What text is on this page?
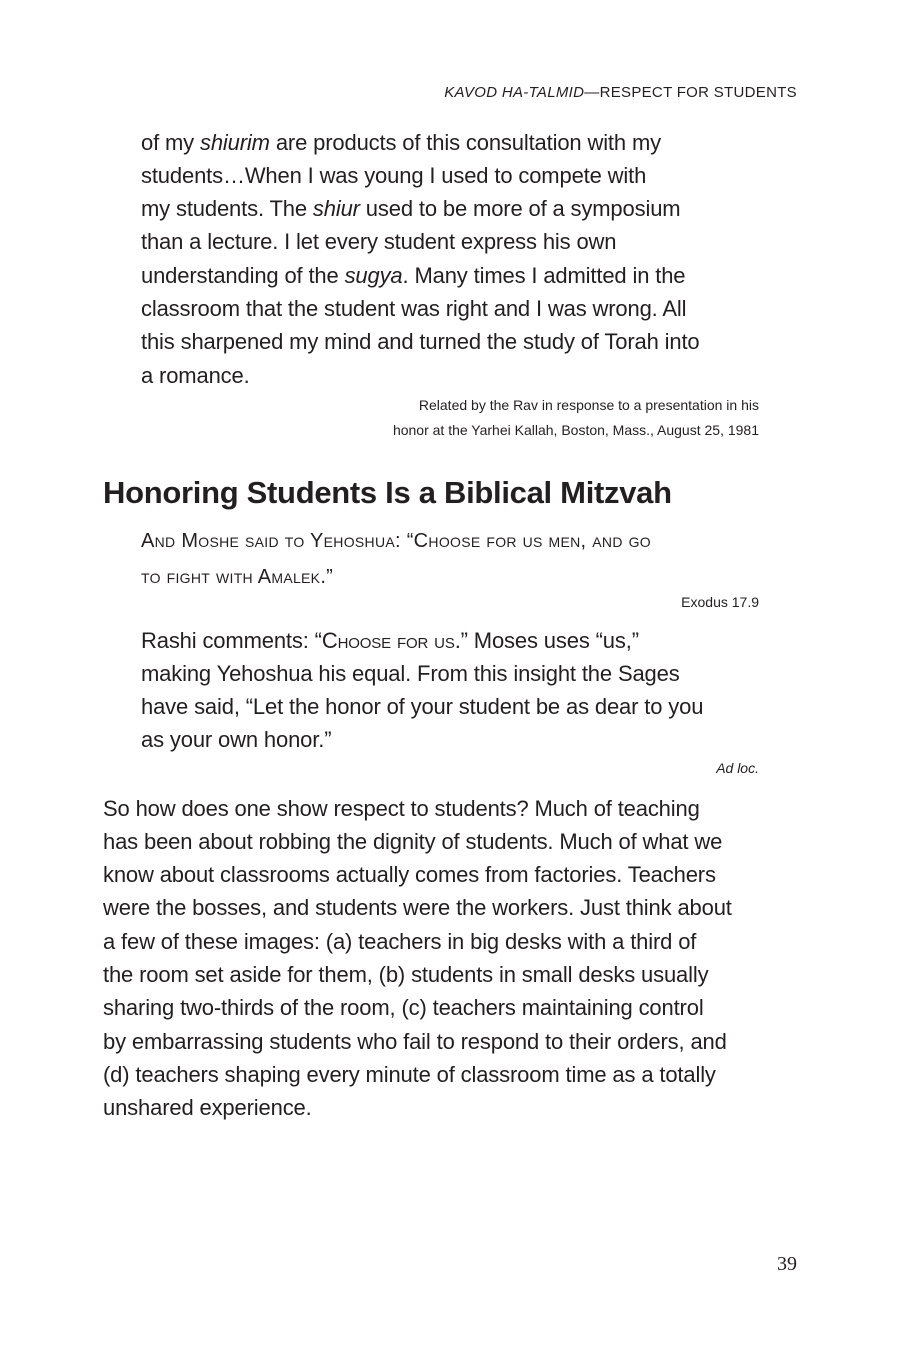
KAVOD HA-TALMID—RESPECT FOR STUDENTS
of my shiurim are products of this consultation with my
students…When I was young I used to compete with
my students. The shiur used to be more of a symposium
than a lecture. I let every student express his own
understanding of the sugya. Many times I admitted in the
classroom that the student was right and I was wrong. All
this sharpened my mind and turned the study of Torah into
a romance.
Related by the Rav in response to a presentation in his
honor at the Yarhei Kallah, Boston, Mass., August 25, 1981
Honoring Students Is a Biblical Mitzvah
And Moshe said to Yehoshua: “Choose for us men, and go
to fight with Amalek.”
Exodus 17.9
Rashi comments: “Choose for us.” Moses uses “us,”
making Yehoshua his equal. From this insight the Sages
have said, “Let the honor of your student be as dear to you
as your own honor.”
Ad loc.
So how does one show respect to students? Much of teaching
has been about robbing the dignity of students. Much of what we
know about classrooms actually comes from factories. Teachers
were the bosses, and students were the workers. Just think about
a few of these images: (a) teachers in big desks with a third of
the room set aside for them, (b) students in small desks usually
sharing two-thirds of the room, (c) teachers maintaining control
by embarrassing students who fail to respond to their orders, and
(d) teachers shaping every minute of classroom time as a totally
unshared experience.
39
